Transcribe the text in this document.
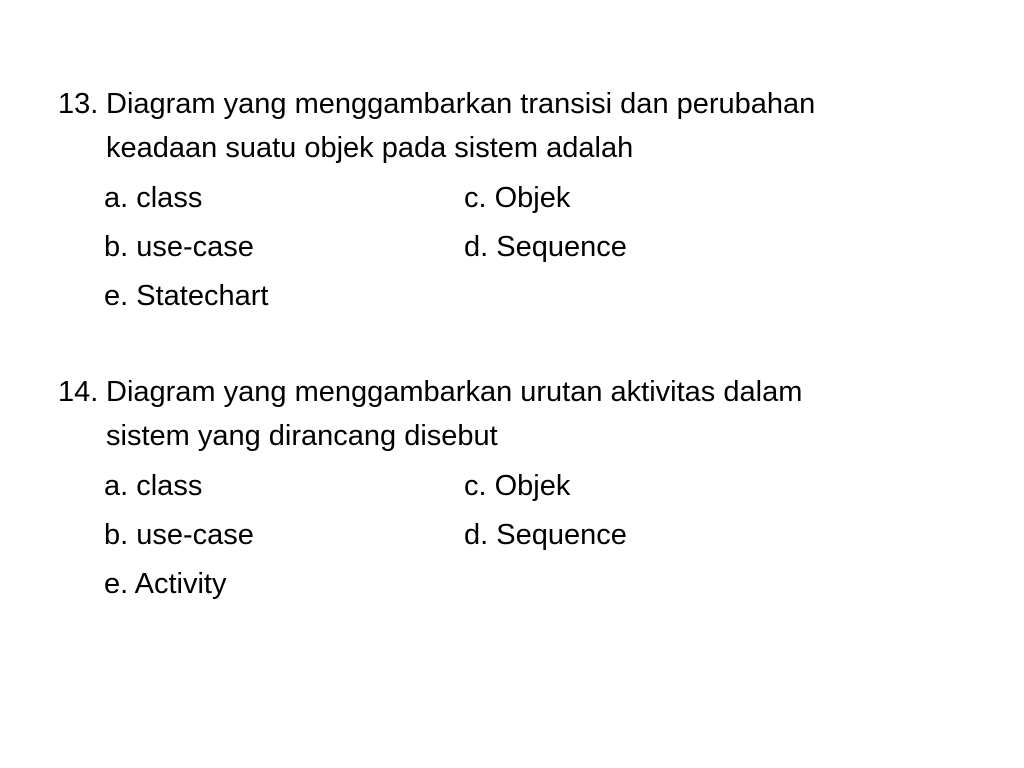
13. Diagram yang menggambarkan transisi dan perubahan
keadaan suatu objek pada sistem adalah
a. class	c. Objek
b. use-case	d. Sequence
e. Statechart
14. Diagram yang menggambarkan urutan aktivitas dalam
sistem yang dirancang disebut
a. class	c. Objek
b. use-case	d. Sequence
e. Activity
